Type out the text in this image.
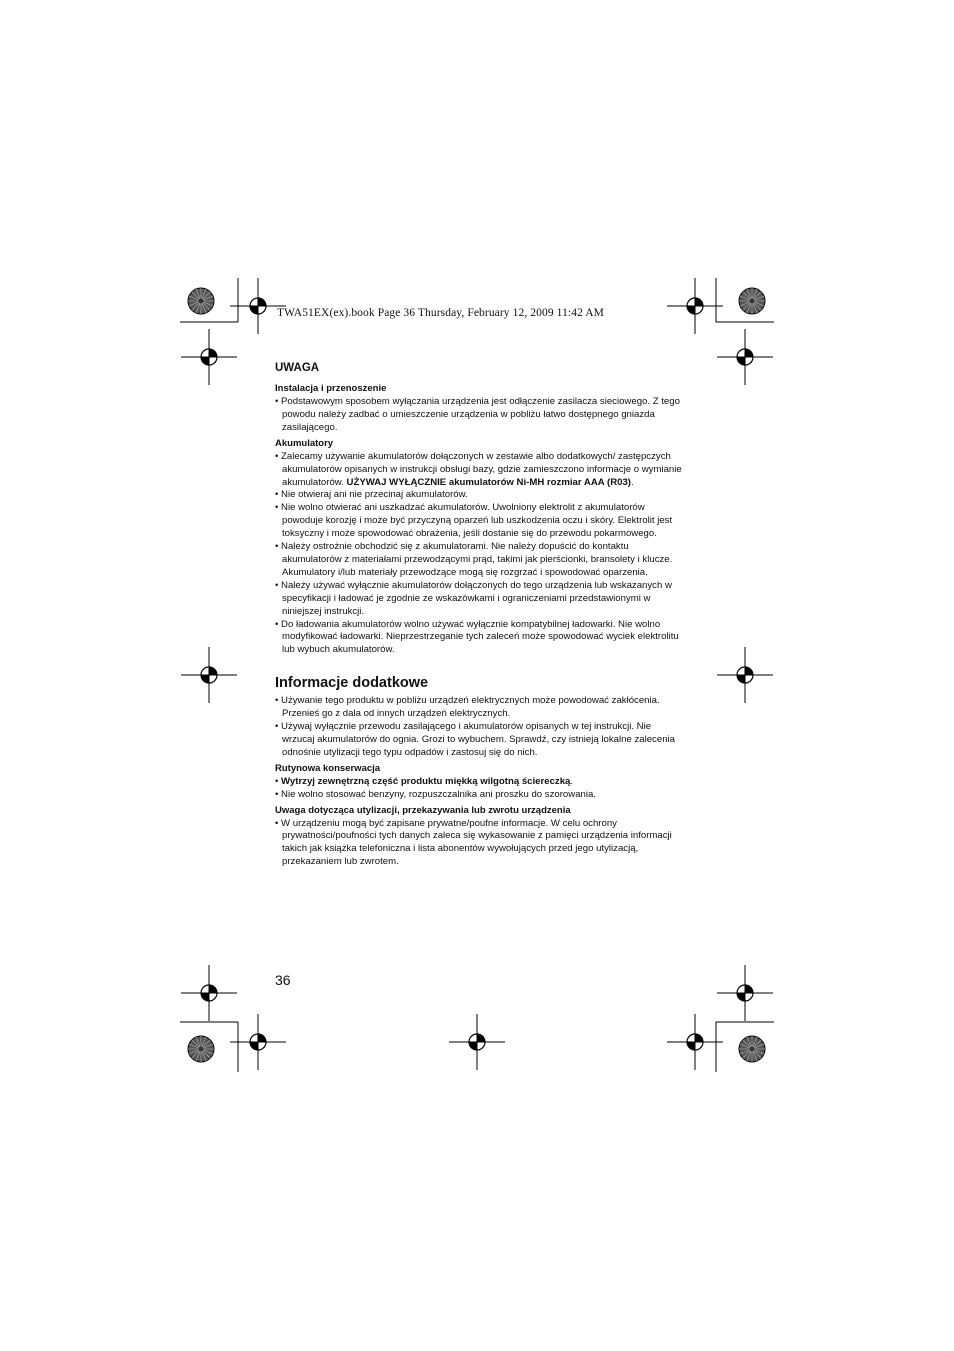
TWA51EX(ex).book Page 36 Thursday, February 12, 2009 11:42 AM
UWAGA
Instalacja i przenoszenie

• Podstawowym sposobem wyłączania urządzenia jest odłączenie zasilacza sieciowego. Z tego powodu należy zadbać o umieszczenie urządzenia w pobliżu łatwo dostępnego gniazda zasilającego.

Akumulatory

• Zalecamy używanie akumulatorów dołączonych w zestawie albo dodatkowych/ zastępczych akumulatorów opisanych w instrukcji obsługi bazy, gdzie zamieszczono informacje o wymianie akumulatorów. UŻYWAJ WYŁĄCZNIE akumulatorów Ni-MH rozmiar AAA (R03).

• Nie otwieraj ani nie przecinaj akumulatorów.

• Nie wolno otwierać ani uszkadzać akumulatorów. Uwolniony elektrolit z akumulatorów powoduje korozję i może być przyczyną oparzeń lub uszkodzenia oczu i skóry. Elektrolit jest toksyczny i może spowodować obrażenia, jeśli dostanie się do przewodu pokarmowego.

• Należy ostrożnie obchodzić się z akumulatorami. Nie należy dopuścić do kontaktu akumulatorów z materiałami przewodzącymi prąd, takimi jak pierścionki, bransolety i klucze. Akumulatory i/lub materiały przewodzące mogą się rozgrzać i spowodować oparzenia.

• Należy używać wyłącznie akumulatorów dołączonych do tego urządzenia lub wskazanych w specyfikacji i ładować je zgodnie ze wskazówkami i ograniczeniami przedstawionymi w niniejszej instrukcji.

• Do ładowania akumulatorów wolno używać wyłącznie kompatybilnej ładowarki. Nie wolno modyfikować ładowarki. Nieprzestrzeganie tych zaleceń może spowodować wyciek elektrolitu lub wybuch akumulatorów.

Informacje dodatkowe

• Używanie tego produktu w pobliżu urządzeń elektrycznych może powodować zakłócenia. Przenieś go z dala od innych urządzeń elektrycznych.

• Używaj wyłącznie przewodu zasilającego i akumulatorów opisanych w tej instrukcji. Nie wrzucaj akumulatorów do ognia. Grozi to wybuchem. Sprawdź, czy istnieją lokalne zalecenia odnośnie utylizacji tego typu odpadów i zastosuj się do nich.

Rutynowa konserwacja

• Wytrzyj zewnętrzną część produktu miękką wilgotną ściereczką.

• Nie wolno stosować benzyny, rozpuszczalnika ani proszku do szorowania.

Uwaga dotycząca utylizacji, przekazywania lub zwrotu urządzenia

• W urządzeniu mogą być zapisane prywatne/poufne informacje. W celu ochrony prywatności/poufności tych danych zaleca się wykasowanie z pamięci urządzenia informacji takich jak książka telefoniczna i lista abonentów wywołujących przed jego utylizacją, przekazaniem lub zwrotem.

36
